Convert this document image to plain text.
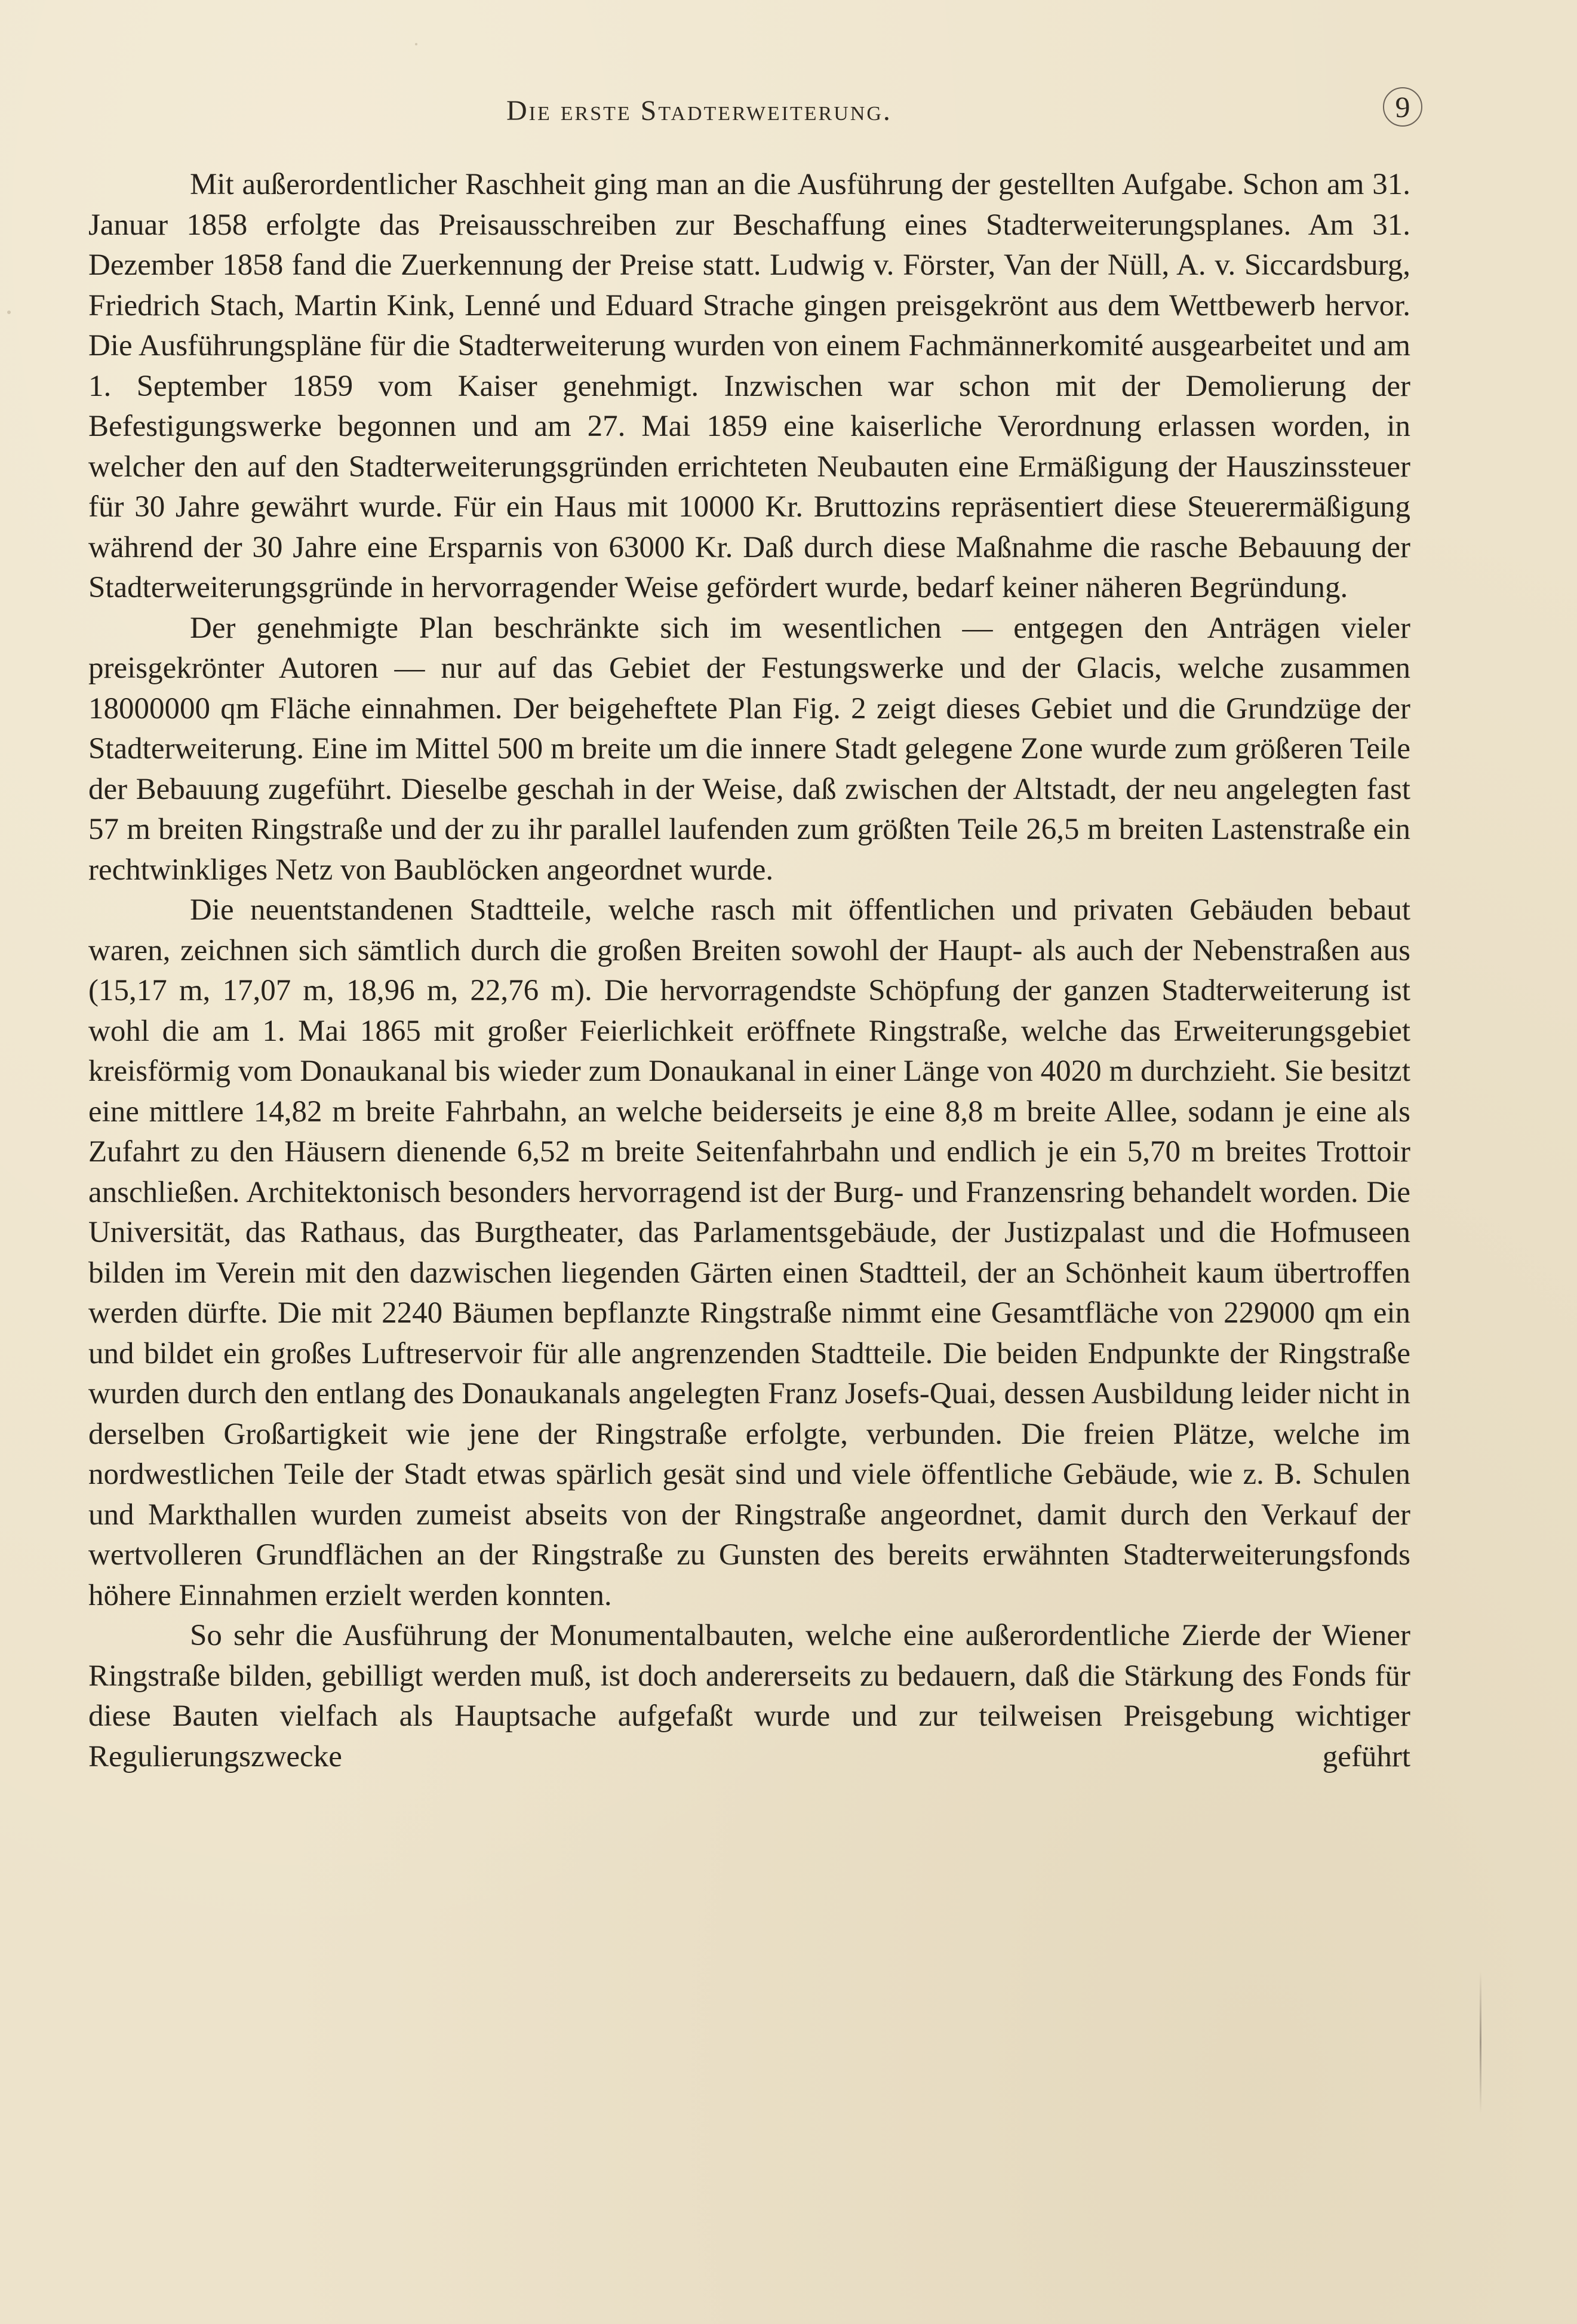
Die erste Stadterweiterung.	9

Mit außerordentlicher Raschheit ging man an die Ausführung der gestellten Aufgabe. Schon am 31. Januar 1858 erfolgte das Preisausschreiben zur Beschaffung eines Stadterweiterungsplanes. Am 31. Dezember 1858 fand die Zuerkennung der Preise statt. Ludwig v. Förster, Van der Nüll, A. v. Siccardsburg, Friedrich Stach, Martin Kink, Lenné und Eduard Strache gingen preisgekrönt aus dem Wettbewerb hervor. Die Ausführungspläne für die Stadterweiterung wurden von einem Fachmännerkomité ausgearbeitet und am 1. September 1859 vom Kaiser genehmigt. Inzwischen war schon mit der Demolierung der Befestigungswerke begonnen und am 27. Mai 1859 eine kaiserliche Verordnung erlassen worden, in welcher den auf den Stadterweiterungsgründen errichteten Neubauten eine Ermäßigung der Hauszinssteuer für 30 Jahre gewährt wurde. Für ein Haus mit 10000 Kr. Bruttozins repräsentiert diese Steuerermäßigung während der 30 Jahre eine Ersparnis von 63000 Kr. Daß durch diese Maßnahme die rasche Bebauung der Stadterweiterungsgründe in hervorragender Weise gefördert wurde, bedarf keiner näheren Begründung.

Der genehmigte Plan beschränkte sich im wesentlichen — entgegen den Anträgen vieler preisgekrönter Autoren — nur auf das Gebiet der Festungswerke und der Glacis, welche zusammen 18000000 qm Fläche einnahmen. Der beigeheftete Plan Fig. 2 zeigt dieses Gebiet und die Grundzüge der Stadterweiterung. Eine im Mittel 500 m breite um die innere Stadt gelegene Zone wurde zum größeren Teile der Bebauung zugeführt. Dieselbe geschah in der Weise, daß zwischen der Altstadt, der neu angelegten fast 57 m breiten Ringstraße und der zu ihr parallel laufenden zum größten Teile 26,5 m breiten Lastenstraße ein rechtwinkliges Netz von Baublöcken angeordnet wurde.

Die neuentstandenen Stadtteile, welche rasch mit öffentlichen und privaten Gebäuden bebaut waren, zeichnen sich sämtlich durch die großen Breiten sowohl der Haupt- als auch der Nebenstraßen aus (15,17 m, 17,07 m, 18,96 m, 22,76 m). Die hervorragendste Schöpfung der ganzen Stadterweiterung ist wohl die am 1. Mai 1865 mit großer Feierlichkeit eröffnete Ringstraße, welche das Erweiterungsgebiet kreisförmig vom Donaukanal bis wieder zum Donaukanal in einer Länge von 4020 m durchzieht. Sie besitzt eine mittlere 14,82 m breite Fahrbahn, an welche beiderseits je eine 8,8 m breite Allee, sodann je eine als Zufahrt zu den Häusern dienende 6,52 m breite Seitenfahrbahn und endlich je ein 5,70 m breites Trottoir anschließen. Architektonisch besonders hervorragend ist der Burg- und Franzensring behandelt worden. Die Universität, das Rathaus, das Burgtheater, das Parlamentsgebäude, der Justizpalast und die Hofmuseen bilden im Verein mit den dazwischen liegenden Gärten einen Stadtteil, der an Schönheit kaum übertroffen werden dürfte. Die mit 2240 Bäumen bepflanzte Ringstraße nimmt eine Gesamtfläche von 229000 qm ein und bildet ein großes Luftreservoir für alle angrenzenden Stadtteile. Die beiden Endpunkte der Ringstraße wurden durch den entlang des Donaukanals angelegten Franz Josefs-Quai, dessen Ausbildung leider nicht in derselben Großartigkeit wie jene der Ringstraße erfolgte, verbunden. Die freien Plätze, welche im nordwestlichen Teile der Stadt etwas spärlich gesät sind und viele öffentliche Gebäude, wie z. B. Schulen und Markthallen wurden zumeist abseits von der Ringstraße angeordnet, damit durch den Verkauf der wertvolleren Grundflächen an der Ringstraße zu Gunsten des bereits erwähnten Stadterweiterungsfonds höhere Einnahmen erzielt werden konnten.

So sehr die Ausführung der Monumentalbauten, welche eine außerordentliche Zierde der Wiener Ringstraße bilden, gebilligt werden muß, ist doch andererseits zu bedauern, daß die Stärkung des Fonds für diese Bauten vielfach als Hauptsache aufgefaßt wurde und zur teilweisen Preisgebung wichtiger Regulierungszwecke geführt
